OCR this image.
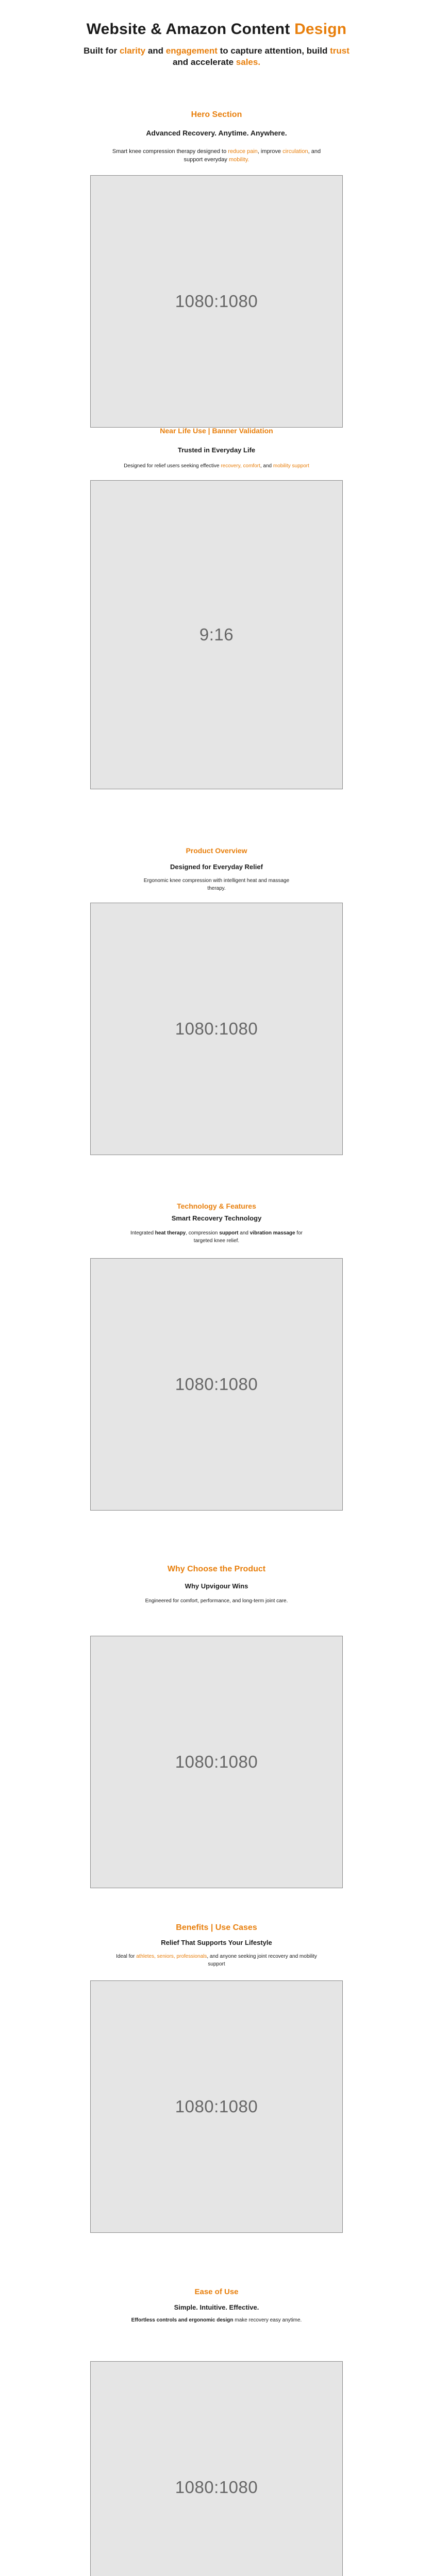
Website & Amazon Content Design

Built for clarity and engagement to capture attention, build trust and accelerate sales.

Hero Section
Advanced Recovery. Anytime. Anywhere.

Smart knee compression therapy designed to reduce pain, improve circulation, and support everyday mobility.

1080:1080
Near Life Use | Banner Validation
Trusted in Everyday Life

Designed for relief users seeking effective recovery, comfort, and mobility support

9:16
Product Overview
Designed for Everyday Relief

Ergonomic knee compression with intelligent heat and massage therapy.

1080:1080
Technology & Features
Smart Recovery Technology

Integrated heat therapy, compression support and vibration massage for targeted knee relief.

1080:1080
Why Choose the Product
Why Upvigour Wins

Engineered for comfort, performance, and long-term joint care.

1080:1080
Benefits | Use Cases
Relief That Supports Your Lifestyle

Ideal for athletes, seniors, professionals, and anyone seeking joint recovery and mobility support

1080:1080
Ease of Use
Simple. Intuitive. Effective.

Effortless controls and ergonomic design make recovery easy anytime.

1080:1080
